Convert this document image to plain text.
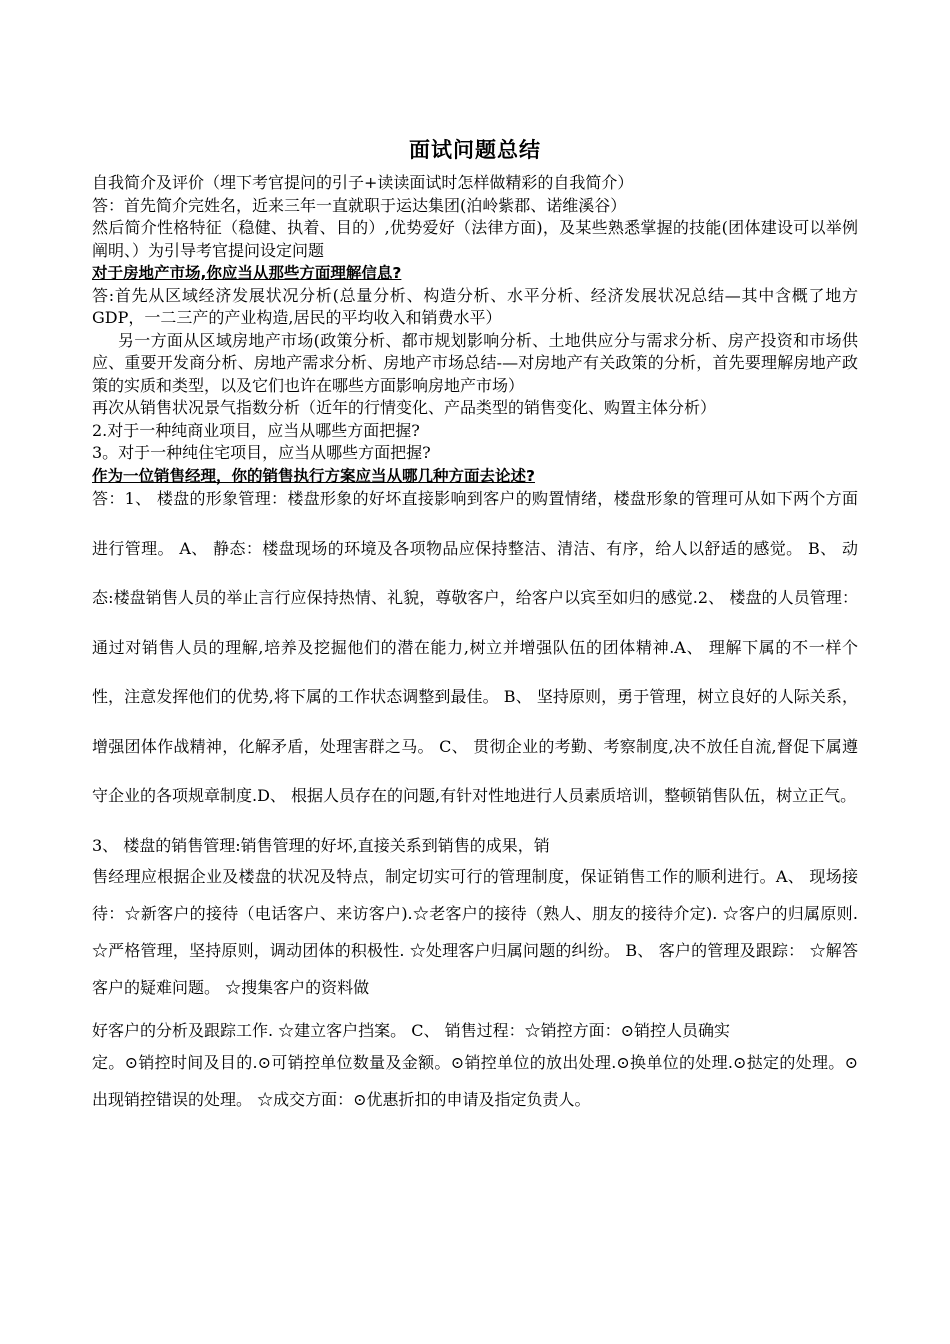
面试问题总结

自我简介及评价（埋下考官提问的引子+读读面试时怎样做精彩的自我简介）

答：首先简介完姓名，近来三年一直就职于运达集团(泊岭紫郡、诺维溪谷）

然后简介性格特征（稳健、执着、目的）,优势爱好（法律方面)，及某些熟悉掌握的技能(团体建设可以举例阐明、）为引导考官提问设定问题

对于房地产市场,你应当从那些方面理解信息?

答:首先从区域经济发展状况分析(总量分析、构造分析、水平分析、经济发展状况总结—其中含概了地方GDP，一二三产的产业构造,居民的平均收入和销费水平）

另一方面从区域房地产市场(政策分析、都市规划影响分析、土地供应分与需求分析、房产投资和市场供应、重要开发商分析、房地产需求分析、房地产市场总结-—对房地产有关政策的分析，首先要理解房地产政策的实质和类型，以及它们也许在哪些方面影响房地产市场）

再次从销售状况景气指数分析（近年的行情变化、产品类型的销售变化、购置主体分析）

2.对于一种纯商业项目，应当从哪些方面把握?

3。对于一种纯住宅项目，应当从哪些方面把握?

作为一位销售经理，你的销售执行方案应当从哪几种方面去论述?

答：1、 楼盘的形象管理：楼盘形象的好坏直接影响到客户的购置情绪，楼盘形象的管理可从如下两个方面进行管理。 A、 静态：楼盘现场的环境及各项物品应保持整洁、清洁、有序，给人以舒适的感觉。 B、 动态:楼盘销售人员的举止言行应保持热情、礼貌，尊敬客户，给客户以宾至如归的感觉.2、 楼盘的人员管理：通过对销售人员的理解,培养及挖掘他们的潜在能力,树立并增强队伍的团体精神.A、 理解下属的不一样个性，注意发挥他们的优势,将下属的工作状态调整到最佳。 B、 坚持原则，勇于管理，树立良好的人际关系，增强团体作战精神，化解矛盾，处理害群之马。 C、 贯彻企业的考勤、考察制度,决不放任自流,督促下属遵守企业的各项规章制度.D、 根据人员存在的问题,有针对性地进行人员素质培训，整顿销售队伍，树立正气。

3、 楼盘的销售管理:销售管理的好坏,直接关系到销售的成果，销
售经理应根据企业及楼盘的状况及特点，制定切实可行的管理制度，保证销售工作的顺利进行。A、 现场接待：☆新客户的接待（电话客户、来访客户).☆老客户的接待（熟人、朋友的接待介定). ☆客户的归属原则. ☆严格管理，坚持原则，调动团体的积极性. ☆处理客户归属问题的纠纷。 B、 客户的管理及跟踪： ☆解答客户的疑难问题。 ☆搜集客户的资料做

好客户的分析及跟踪工作. ☆建立客户挡案。 C、 销售过程：☆销控方面：⊙销控人员确实
定。⊙销控时间及目的.⊙可销控单位数量及金额。⊙销控单位的放出处理.⊙换单位的处理.⊙挞定的处理。⊙出现销控错误的处理。 ☆成交方面：⊙优惠折扣的申请及指定负责人。
